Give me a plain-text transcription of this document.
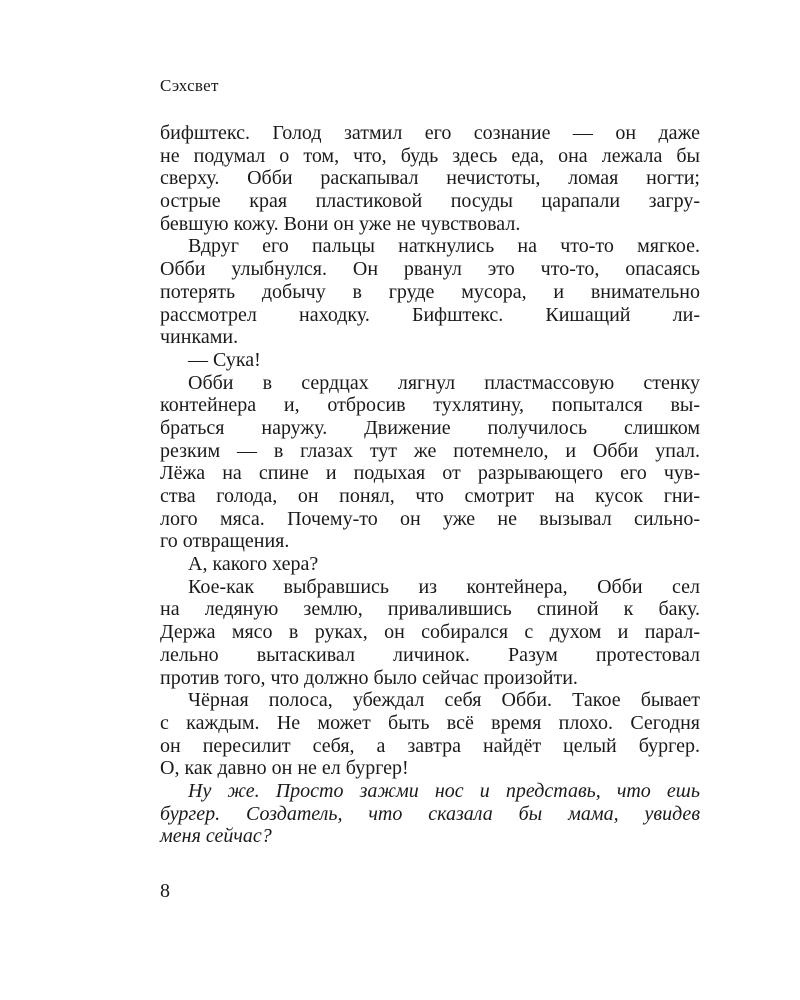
Сэхсвет
бифштекс. Голод затмил его сознание — он даже
не подумал о том, что, будь здесь еда, она лежала бы
сверху. Обби раскапывал нечистоты, ломая ногти;
острые края пластиковой посуды царапали загру-
бевшую кожу. Вони он уже не чувствовал.
Вдруг его пальцы наткнулись на что-то мягкое.
Обби улыбнулся. Он рванул это что-то, опасаясь
потерять добычу в груде мусора, и внимательно
рассмотрел находку. Бифштекс. Кишащий ли-
чинками.
— Сука!
Обби в сердцах лягнул пластмассовую стенку
контейнера и, отбросив тухлятину, попытался вы-
браться наружу. Движение получилось слишком
резким — в глазах тут же потемнело, и Обби упал.
Лёжа на спине и подыхая от разрывающего его чув-
ства голода, он понял, что смотрит на кусок гни-
лого мяса. Почему-то он уже не вызывал сильно-
го отвращения.
А, какого хера?
Кое-как выбравшись из контейнера, Обби сел
на ледяную землю, привалившись спиной к баку.
Держа мясо в руках, он собирался с духом и парал-
лельно вытаскивал личинок. Разум протестовал
против того, что должно было сейчас произойти.
Чёрная полоса, убеждал себя Обби. Такое бывает
с каждым. Не может быть всё время плохо. Сегодня
он пересилит себя, а завтра найдёт целый бургер.
О, как давно он не ел бургер!
Ну же. Просто зажми нос и представь, что ешь
бургер. Создатель, что сказала бы мама, увидев
меня сейчас?
8
